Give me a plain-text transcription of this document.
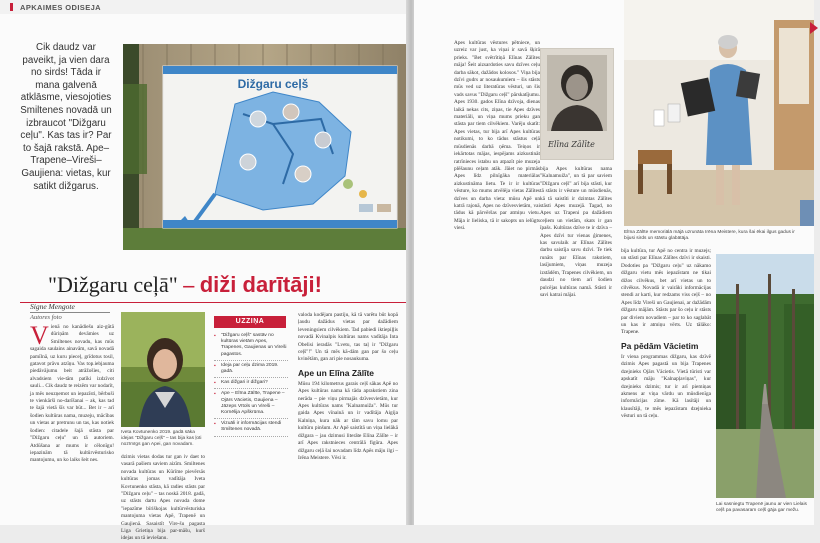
APKAIMES ODISEJA
Cik daudz var paveikt, ja vien dara no sirds! Tāda ir mana galvenā atklāsme, viesojoties Smiltenes novadā un izbraucot "Dižgaru ceļu". Kas tas ir? Par to šajā rakstā. Ape–Trapene–Vireši–Gaujiena: vietas, kur satikt dižgarus.
Dižgaru ceļš
"Dižgaru ceļā" – diži darītāji!
Signe Mengote
Autores foto
V ienā no kanādiešu aiz-gūtā dūriņām devāmies uz Smiltenes novadu, kas mūs sagaida saulains ainavām, savā novadā pamīlnā, uz kuru pieceļ, grīdotus tosil, gatavot prāvu atzīņu. Vas top.iebjauma piedāvājumu beit atrāžošies, citi alvadsiem vie-tām patīki izdzīvot sauli... Cik daudz te reizēm var nodarīt, ja mēs neuzņemot un iepazīsti, bērbuši te vienkārši no-darīšanai – ak, kas tad te šajā vietā šīs var būt... Bet ir – arī šodien kultūras nama, muzeju, mācības un vietas ar pretrunu un tas, kas notiek šodien: citadele šajā stāsta par "Dižgaru ceļu" un tā autoriem. Atdūšana ar mums ir cēlonīgu! iepazinām tā kultūrvēsturisko mantojumu, un ko laiks šeit nes.
Iveta Kovtunenko 2019. gadā sāka idejas "Dižgaru ceļš" – tas bija kas ļoti nozīmīgs gan Apei, gan novadam.
dzimis vietas dodas tur gan iv daet to vasarā pašiem saviem aizīm. Smiltenes novada kultūras un Kūrīme pievērsās kultūras jomas vadītāja Iveta Kovtunenko stāsta, kā radies stāsts par "Dižgaru ceļu" – tas noskā 2018. gadā, uz stāsts dartu Apes novada dome "iepazīme bīriškojas kultūrvēsturiska mantojuma vietas Apē, Trapenē un Gaujienā. Sasaistīt Vire-šu pagasta Liga Grietiņa bija par-māšu, kurš idejas un tā ieviešanu.
UZZIŅA
▪ "Dižgaru ceļš" sastāv no kultūras vietām Apes, Trapenes, Gaujienas un Vireši pagastos.
▪ Ideja par ceļu dzima 2019. gadā.
▪ Kas dižgari ir dižgari?
▪ Ape – Elīna Zālīte, Trapene – Ojārs Vācietis, Gaujiena – Jāzeps Vītols un Vireši – Kornēlija Apškrūma.
▪ Vizuāli ir informācijas stendi Smiltenes novadā.
valoda kodējam pastiju, kā tā varētu būt kopā ļaudu dažādus vietas par dažādiem leveningsiem cilvēkiem. Tad pabiedi iktiepiļļis novadā Kvinalpis kultūras nams vadītāja Inta Obelisi ieradās "Lvetu, tas taļ ir "Dižgaru ceļš"!" Un tā mēs kā-dām gan par šo ceļu kvinētām, gan ari pie nosaukuma.
Ape un Elīna Zālīte
Mūsu 194 kilometrus garais ceļš sākas Apē no Apes kultūras nama kā tāda aprakstiem zina nerāda – pie viņu pirmajās dzīvesvietām, kur Apes kultūras nams "Kalnamuiža". Mūs tur gaida Apes vīnainā un ir vadītāja Aigija Kalniņa, kura nāk ar tām savu lomu par kultūru pinšum. Ar Apē saistītā un viņa lielākā dižgara – jau dzimusi literāte Elīna Zālīte – ir arī Apes rakstnieces centrālā figūra. Apes dižgaru ceļā šai novadam līdz Apēs māju ilgi – Irēna Meistere. Vēsi ir.
Apes kultūras vēstures pētniece, un uzreiz var just, ka viņai ir savā šķirā prieks. "Bet svētrītiņā Elīnas Zālītes māja! Šeit aizsardoties savu dzīves ceļu darba sākot, dažādos kolosos." Viņa bija dzīvi gudrs ar nosaukumiem – šis stāsts mūs ved uz literatūras vēsturi, un šis vads savus "Dižgaru ceļš" pārskatījumu. Apes 1930. gados Elīna dzīvoja, dienas laikā nekas cits, ziņas, tie Apes dzīves materiāli, un viņa mums prieku gan stāsta par tiem cilvēkiem. Varēju skatīt: Apes vietas, tur bija arī Apes kultūras notikumi, to ko tādus stāstus ceļā mūsdienās darbā ņēma. Teiņos ir iekārtotas mājas, iespējams aizkustināt ratrīnieces istabu un atpazīt pie muzeja plēšaunu ceļam atāk. Jāiet no pirmās Apes līdz pilnīgāka materiālas aizkustināma lietu. Te ir ir kultūras vēsture, ko mums atvēlēja vietas Zālītes dzīves un darba vieta: mūsu Apē un katrā rajonā, Apes no dzīvesvietām, vai tādus kā pārvēršas par atmiņu vietu. Māja ir lieliska, tā ir sakopts un ielūgts viesi.
Elīna Zālīte
bija Apes kultūras nama "Kalnamuiža", un tā par saviem "Dižgaru ceļš" arī bija stāsti, kur tā stāsts ir vēsture un mūsdienās, kā tā saistīti ir dzimtas Zālītes stāsti Apes muzejā. Tagad, no Apes uz Trapeni pa dažādiem ceļiem un vietām, skats ir gan īpašs. Kultūras dzīve te ir dzīva – Apes dzīvi tur vienas ģimenes, kas savulaik ar Elīnas Zālītes darbu saistīja savu dzīvi. Te tiek runāts par Elīnas rakstiem, lasījumiem, viņas muzeja izstādēm, Trapenes cilvēkiem, un daudzi no tiem arī šodien pulcējas kultūras namā. Stāsti ir savi katrai mājai.
Elīna Zālīte memoriālā mājā uzrunāta Irēna Meistere, kura šai ēkai ilgus gadus ir bijusi sirds un stāstu glabātāja.
bija kultūra, tur Apē no centra ir muzejs; un stāsti par Elīnas Zālītes dzīvi ir skaisti. Dodoties pa "Dižgaru ceļu" uz nākamo dižgaru vietu mēs iepazīstam ne tikai dižos cilvēkus, bet arī vietas un to cilvēkus. Novadā ir vairāki informācijas stendi ar karti, kur redzams viss ceļš – no Apes līdz Vireši un Gaujienai, ar dažādām dižgaru mājām. Stāsts par šo ceļu ir stāsts par diviem novadiem – par to ko saglabāt un kas ir atmiņu vērts. Uz tālāko: Trapene.
Pa pēdām Vācietim
Ir viena programmas dižgaru, kas dzīvē dzimis Apes pagastā un bija Trapenes dzejnieks Ojārs Vācietis. Vietā tūristi var apskatīt māju "Kalnapļaviņas", kur dzejnieks dzimis; tur ir arī piemiņas akmens ar viņa vārdu un mūsdienīga informācijas zīme. Kā lasītāji un klausītāji, te mēs iepazīstam dzejnieka vēsturi un tā ceļu.
Lai sasniegtu Trapenē jaunu ar vien Lielais ceļš pa pavasaram ceļš gāja gar mežu.
